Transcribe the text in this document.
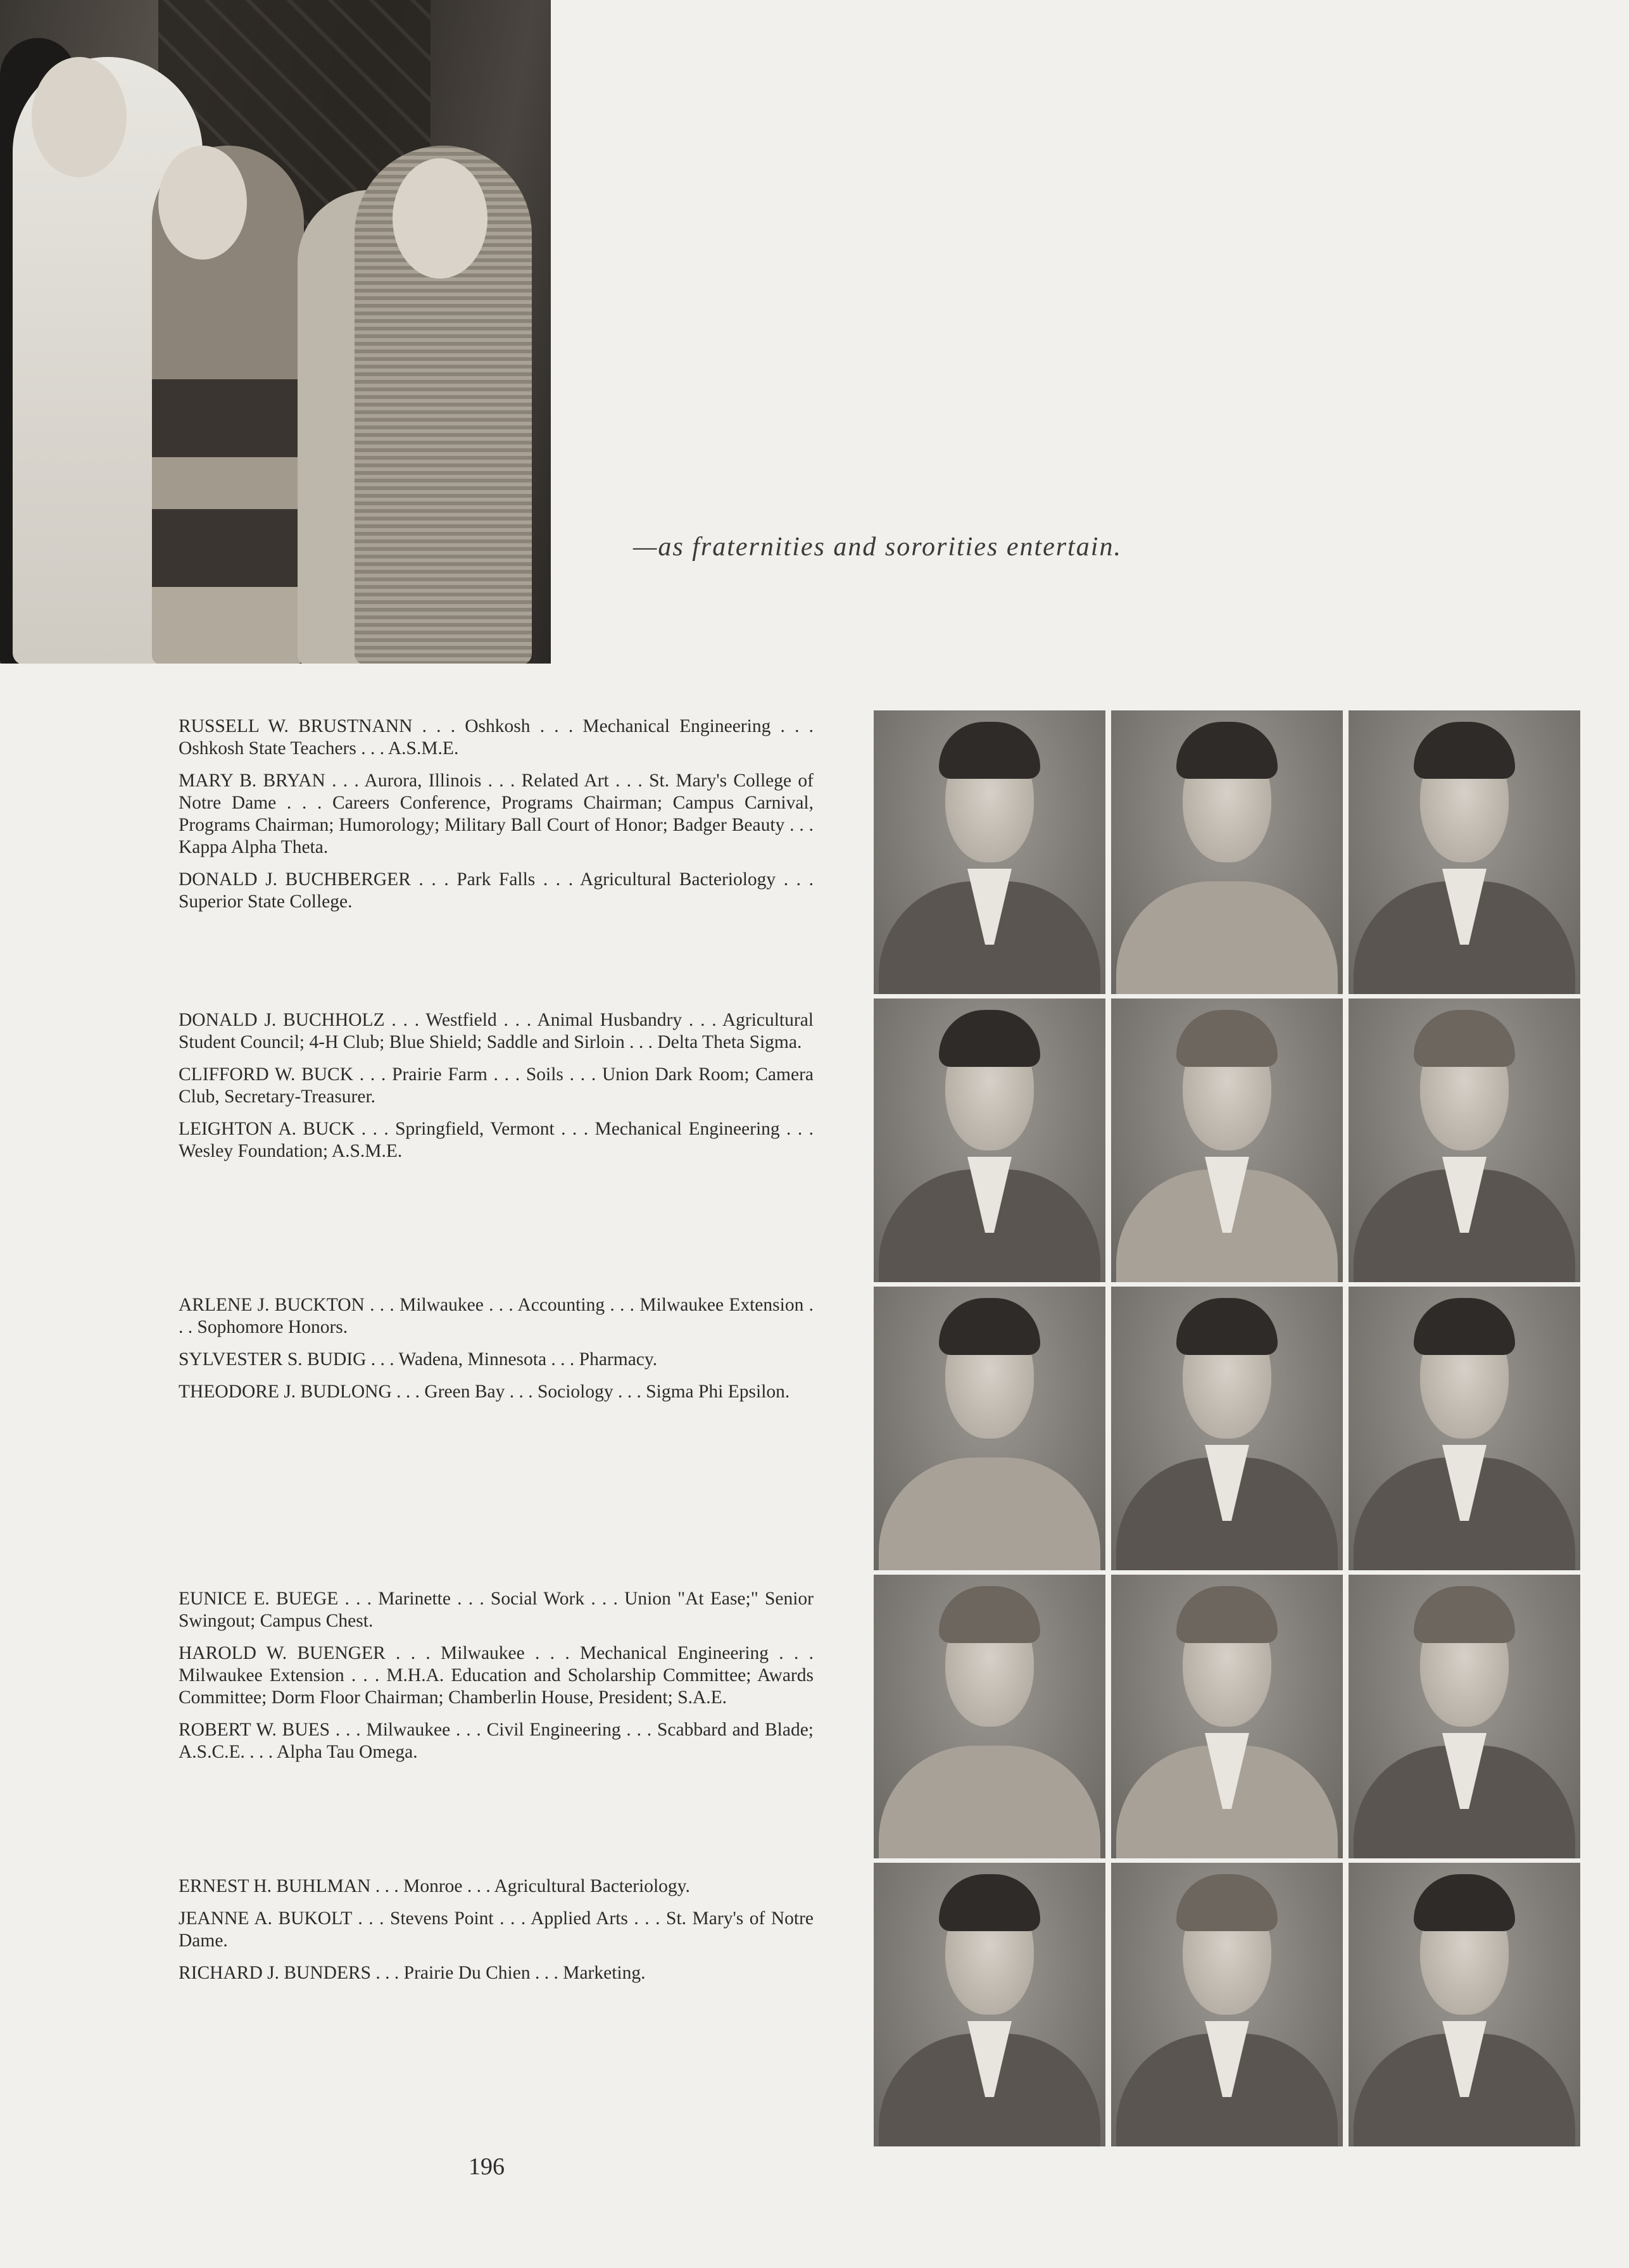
—as fraternities and sororities entertain.

RUSSELL W. BRUSTNANN . . . Oshkosh . . . Mechanical Engineering . . . Oshkosh State Teachers . . . A.S.M.E.

MARY B. BRYAN . . . Aurora, Illinois . . . Related Art . . . St. Mary's College of Notre Dame . . . Careers Conference, Programs Chairman; Campus Carnival, Programs Chairman; Humorology; Military Ball Court of Honor; Badger Beauty . . . Kappa Alpha Theta.

DONALD J. BUCHBERGER . . . Park Falls . . . Agricultural Bacteriology . . . Superior State College.

DONALD J. BUCHHOLZ . . . Westfield . . . Animal Husbandry . . . Agricultural Student Council; 4-H Club; Blue Shield; Saddle and Sirloin . . . Delta Theta Sigma.

CLIFFORD W. BUCK . . . Prairie Farm . . . Soils . . . Union Dark Room; Camera Club, Secretary-Treasurer.

LEIGHTON A. BUCK . . . Springfield, Vermont . . . Mechanical Engineering . . . Wesley Foundation; A.S.M.E.

ARLENE J. BUCKTON . . . Milwaukee . . . Accounting . . . Milwaukee Extension . . . Sophomore Honors.

SYLVESTER S. BUDIG . . . Wadena, Minnesota . . . Pharmacy.

THEODORE J. BUDLONG . . . Green Bay . . . Sociology . . . Sigma Phi Epsilon.

EUNICE E. BUEGE . . . Marinette . . . Social Work . . . Union "At Ease;" Senior Swingout; Campus Chest.

HAROLD W. BUENGER . . . Milwaukee . . . Mechanical Engineering . . . Milwaukee Extension . . . M.H.A. Education and Scholarship Committee; Awards Committee; Dorm Floor Chairman; Chamberlin House, President; S.A.E.

ROBERT W. BUES . . . Milwaukee . . . Civil Engineering . . . Scabbard and Blade; A.S.C.E. . . . Alpha Tau Omega.

ERNEST H. BUHLMAN . . . Monroe . . . Agricultural Bacteriology.

JEANNE A. BUKOLT . . . Stevens Point . . . Applied Arts . . . St. Mary's of Notre Dame.

RICHARD J. BUNDERS . . . Prairie Du Chien . . . Marketing.

196
